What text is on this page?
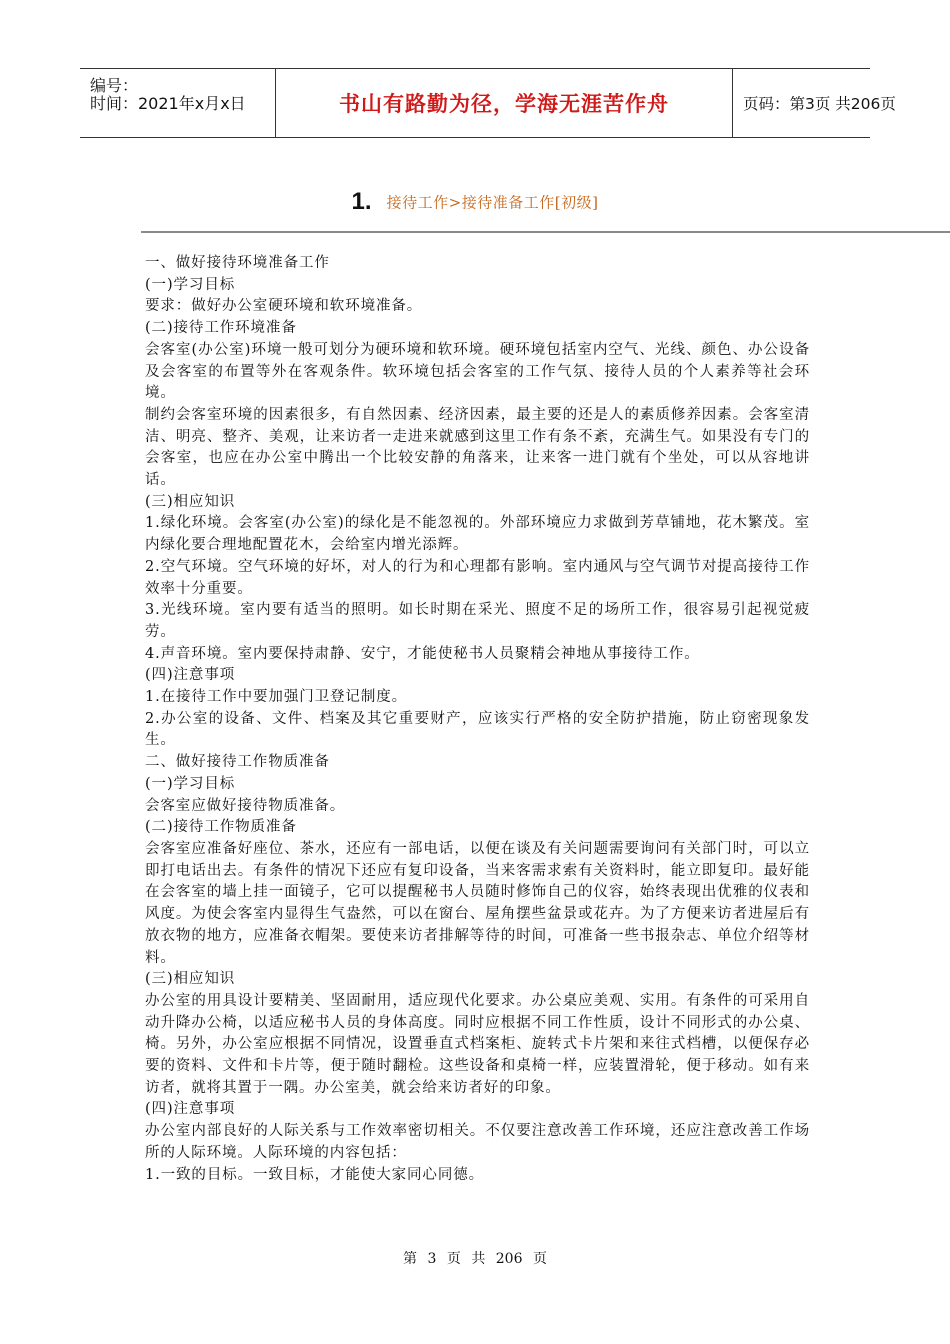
编号：
时间：2021年x月x日	书山有路勤为径，学海无涯苦作舟	页码：第3页 共206页
1. 接待工作>接待准备工作[初级]

一、做好接待环境准备工作

(一)学习目标

要求：做好办公室硬环境和软环境准备。

(二)接待工作环境准备

会客室(办公室)环境一般可划分为硬环境和软环境。硬环境包括室内空气、光线、颜色、办公设备及会客室的布置等外在客观条件。软环境包括会客室的工作气氛、接待人员的个人素养等社会环境。

制约会客室环境的因素很多，有自然因素、经济因素，最主要的还是人的素质修养因素。会客室清洁、明亮、整齐、美观，让来访者一走进来就感到这里工作有条不紊，充满生气。如果没有专门的会客室，也应在办公室中腾出一个比较安静的角落来，让来客一进门就有个坐处，可以从容地讲话。

(三)相应知识

1.绿化环境。会客室(办公室)的绿化是不能忽视的。外部环境应力求做到芳草铺地，花木繁茂。室内绿化要合理地配置花木，会给室内增光添辉。

2.空气环境。空气环境的好坏，对人的行为和心理都有影响。室内通风与空气调节对提高接待工作效率十分重要。

3.光线环境。室内要有适当的照明。如长时期在采光、照度不足的场所工作，很容易引起视觉疲劳。

4.声音环境。室内要保持肃静、安宁，才能使秘书人员聚精会神地从事接待工作。

(四)注意事项

1.在接待工作中要加强门卫登记制度。

2.办公室的设备、文件、档案及其它重要财产，应该实行严格的安全防护措施，防止窃密现象发生。

二、做好接待工作物质准备

(一)学习目标

会客室应做好接待物质准备。

(二)接待工作物质准备

会客室应准备好座位、茶水，还应有一部电话，以便在谈及有关问题需要询问有关部门时，可以立即打电话出去。有条件的情况下还应有复印设备，当来客需求索有关资料时，能立即复印。最好能在会客室的墙上挂一面镜子，它可以提醒秘书人员随时修饰自己的仪容，始终表现出优雅的仪表和风度。为使会客室内显得生气盎然，可以在窗台、屋角摆些盆景或花卉。为了方便来访者进屋后有放衣物的地方，应准备衣帽架。要使来访者排解等待的时间，可准备一些书报杂志、单位介绍等材料。

(三)相应知识

办公室的用具设计要精美、坚固耐用，适应现代化要求。办公桌应美观、实用。有条件的可采用自动升降办公椅，以适应秘书人员的身体高度。同时应根据不同工作性质，设计不同形式的办公桌、椅。另外，办公室应根据不同情况，设置垂直式档案柜、旋转式卡片架和来往式档槽，以便保存必要的资料、文件和卡片等，便于随时翻检。这些设备和桌椅一样，应装置滑轮，便于移动。如有来访者，就将其置于一隅。办公室美，就会给来访者好的印象。

(四)注意事项

办公室内部良好的人际关系与工作效率密切相关。不仅要注意改善工作环境，还应注意改善工作场所的人际环境。人际环境的内容包括：

1.一致的目标。一致目标，才能使大家同心同德。

第 3 页 共 206 页
